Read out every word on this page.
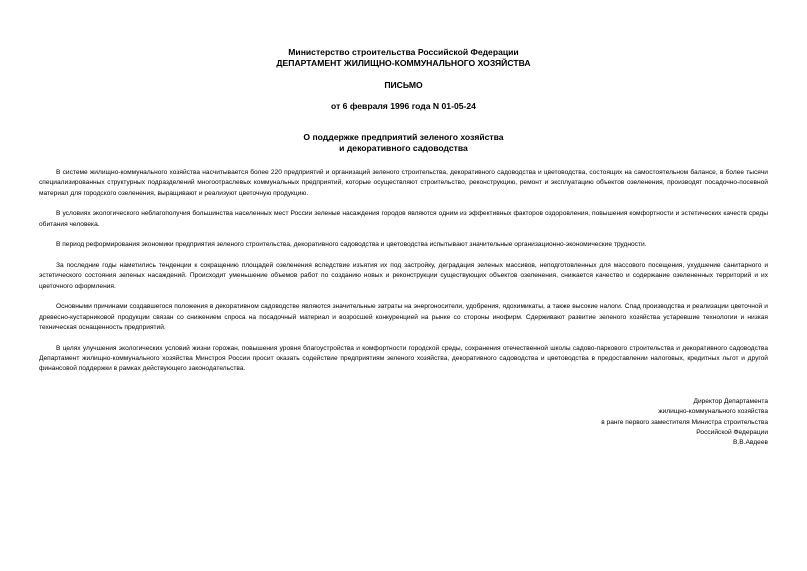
Министерство строительства Российской Федерации
ДЕПАРТАМЕНТ ЖИЛИЩНО-КОММУНАЛЬНОГО ХОЗЯЙСТВА
ПИСЬМО
от 6 февраля 1996 года N 01-05-24
О поддержке предприятий зеленого хозяйства
и декоративного садоводства

В системе жилищно-коммунального хозяйства насчитывается более 220 предприятий и организаций зеленого строительства, декоративного садоводства и цветоводства, состоящих на самостоятельном балансе, в более тысячи специализированных структурных подразделений многоотраслевых коммунальных предприятий, которые осуществляют строительство, реконструкцию, ремонт и эксплуатацию объектов озеленения, производят посадочно-посевной материал для городского озеленения, выращивают и реализуют цветочную продукцию.

В условиях экологического неблагополучия большинства населенных мест России зеленые насаждения городов являются одним из эффективных факторов оздоровления, повышения комфортности и эстетических качеств среды обитания человека.

В период реформирования экономики предприятия зеленого строительства, декоративного садоводства и цветоводства испытывают значительные организационно-экономические трудности.

За последние годы наметились тенденции к сокращению площадей озеленения вследствие изъятия их под застройку, деградация зеленых массивов, неподготовленных для массового посещения, ухудшение санитарного и эстетического состояния зеленых насаждений. Происходит уменьшение объемов работ по созданию новых и реконструкции существующих объектов озеленения, снижается качество и содержание озелененных территорий и их цветочного оформления.

Основными причинами создавшегося положения в декоративном садоводстве являются значительные затраты на энергоносители, удобрения, ядохимикаты, а также высокие налоги. Спад производства и реализации цветочной и древесно-кустарниковой продукции связан со снижением спроса на посадочный материал и возросшей конкуренцией на рынке со стороны инофирм. Сдерживают развитие зеленого хозяйства устаревшие технологии и низкая техническая оснащенность предприятий.

В целях улучшения экологических условий жизни горожан, повышения уровня благоустройства и комфортности городской среды, сохранения отечественной школы садово-паркового строительства и декоративного садоводства Департамент жилищно-коммунального хозяйства Минстроя России просит оказать содействие предприятиям зеленого хозяйства, декоративного садоводства и цветоводства в предоставлении налоговых, кредитных льгот и другой финансовой поддержки в рамках действующего законодательства.

Директор Департамента
жилищно-коммунального хозяйства
в ранге первого заместителя Министра строительства
Российской Федерации
В.В.Авдеев
